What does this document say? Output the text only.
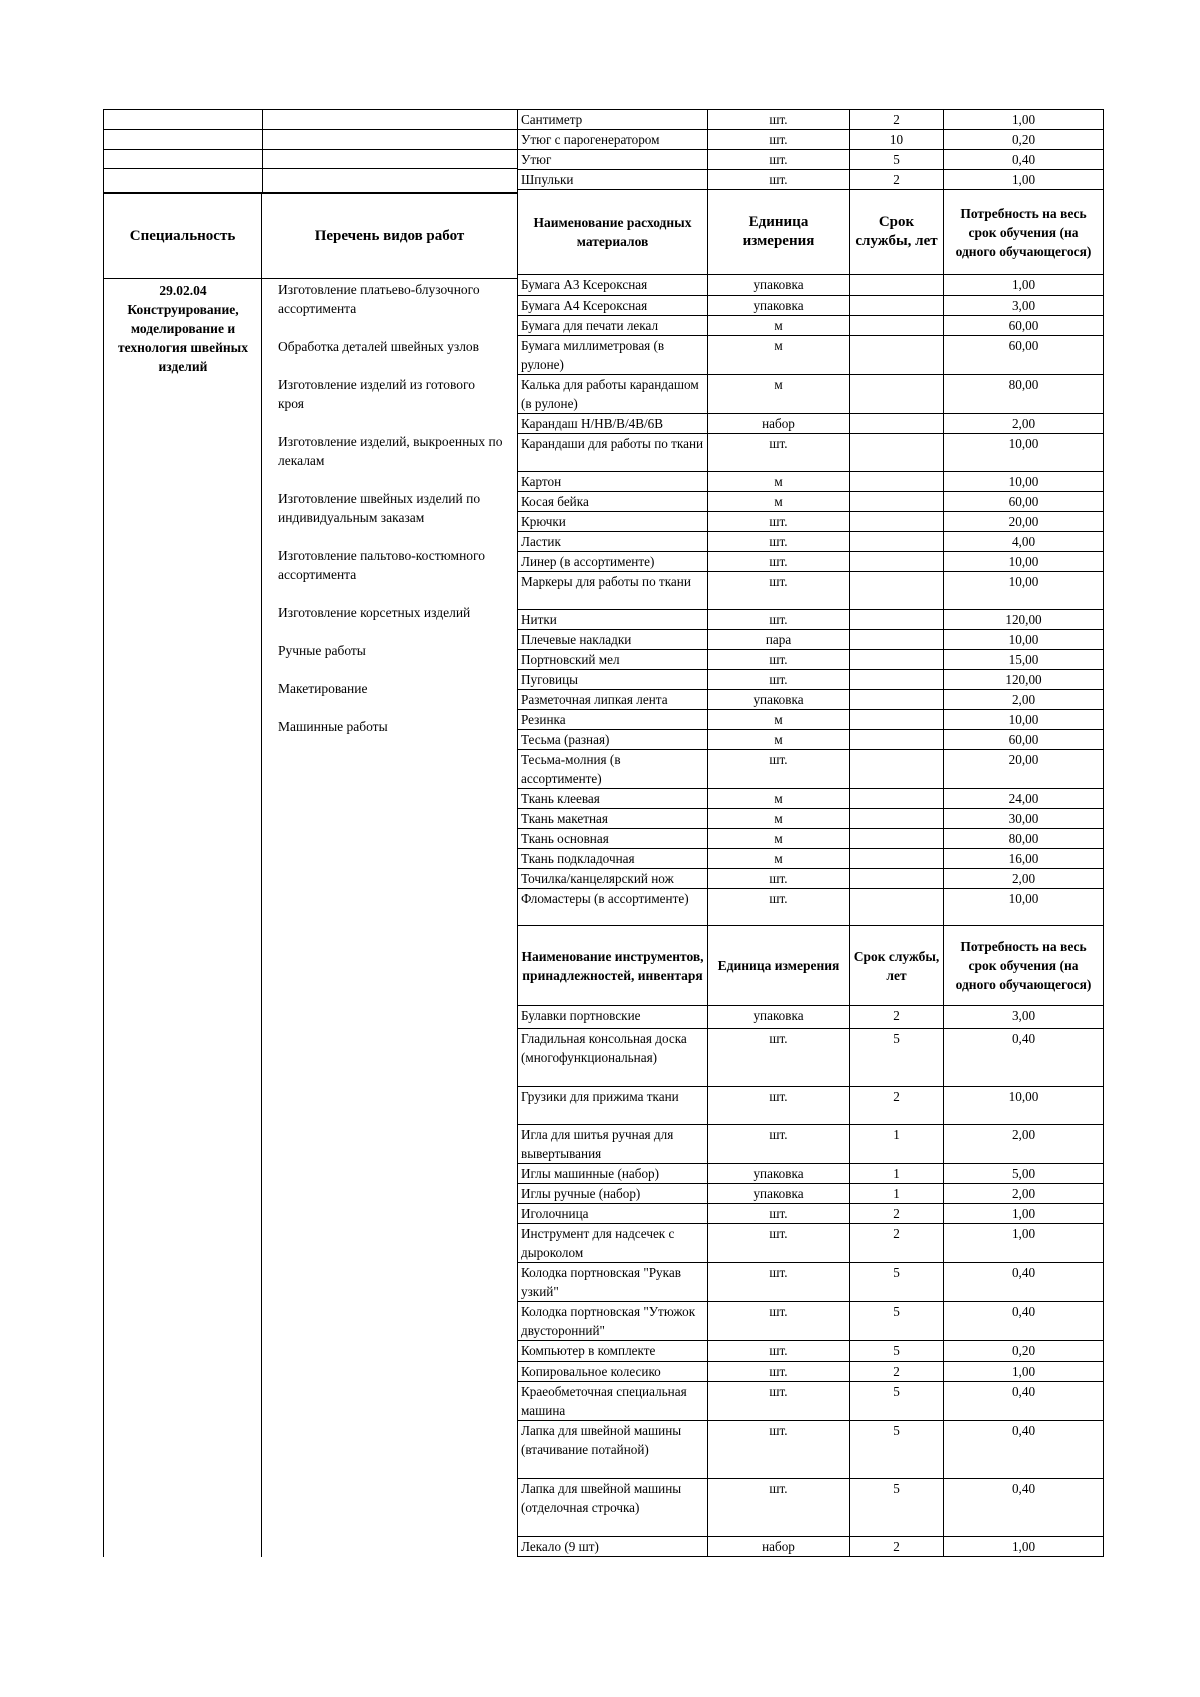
Специальность	Перечень видов работ
29.02.04
Конструирование, моделирование и технология швейных изделий
Изготовление платьево-блузочного ассортимента
Обработка деталей швейных узлов
Изготовление изделий из готового кроя
Изготовление изделий, выкроенных по лекалам
Изготовление швейных изделий по индивидуальным заказам
Изготовление пальтово-костюмного ассортимента
Изготовление корсетных изделий
Ручные работы
Макетирование
Машинные работы
Сантиметр	шт.	2	1,00
Утюг с парогенератором	шт.	10	0,20
Утюг	шт.	5	0,40
Шпульки	шт.	2	1,00
Наименование расходных материалов	Единица измерения	Срок службы, лет	Потребность на весь срок обучения (на одного обучающегося)
Бумага А3 Ксероксная	упаковка		1,00
Бумага А4 Ксероксная	упаковка		3,00
Бумага для печати лекал	м		60,00
Бумага миллиметровая (в рулоне)	м		60,00
Калька для работы карандашом (в рулоне)	м		80,00
Карандаш Н/НВ/В/4В/6В	набор		2,00
Карандаши для работы по ткани	шт.		10,00
Картон	м		10,00
Косая бейка	м		60,00
Крючки	шт.		20,00
Ластик	шт.		4,00
Линер (в ассортименте)	шт.		10,00
Маркеры для работы по ткани	шт.		10,00
Нитки	шт.		120,00
Плечевые накладки	пара		10,00
Портновский мел	шт.		15,00
Пуговицы	шт.		120,00
Разметочная липкая лента	упаковка		2,00
Резинка	м		10,00
Тесьма (разная)	м		60,00
Тесьма-молния (в ассортименте)	шт.		20,00
Ткань клеевая	м		24,00
Ткань макетная	м		30,00
Ткань основная	м		80,00
Ткань подкладочная	м		16,00
Точилка/канцелярский нож	шт.		2,00
Фломастеры (в ассортименте)	шт.		10,00
Наименование инструментов, принадлежностей, инвентаря	Единица измерения	Срок службы, лет	Потребность на весь срок обучения (на одного обучающегося)
Булавки портновские	упаковка	2	3,00
Гладильная консольная доска (многофункциональная)	шт.	5	0,40
Грузики для прижима ткани	шт.	2	10,00
Игла для шитья ручная для вывертывания	шт.	1	2,00
Иглы машинные (набор)	упаковка	1	5,00
Иглы ручные (набор)	упаковка	1	2,00
Иголочница	шт.	2	1,00
Инструмент для надсечек с дыроколом	шт.	2	1,00
Колодка портновская "Рукав узкий"	шт.	5	0,40
Колодка портновская "Утюжок двусторонний"	шт.	5	0,40
Компьютер в комплекте	шт.	5	0,20
Копировальное колесико	шт.	2	1,00
Краеобметочная специальная машина	шт.	5	0,40
Лапка для швейной машины (втачивание потайной)	шт.	5	0,40
Лапка для швейной машины (отделочная строчка)	шт.	5	0,40
Лекало (9 шт)	набор	2	1,00
